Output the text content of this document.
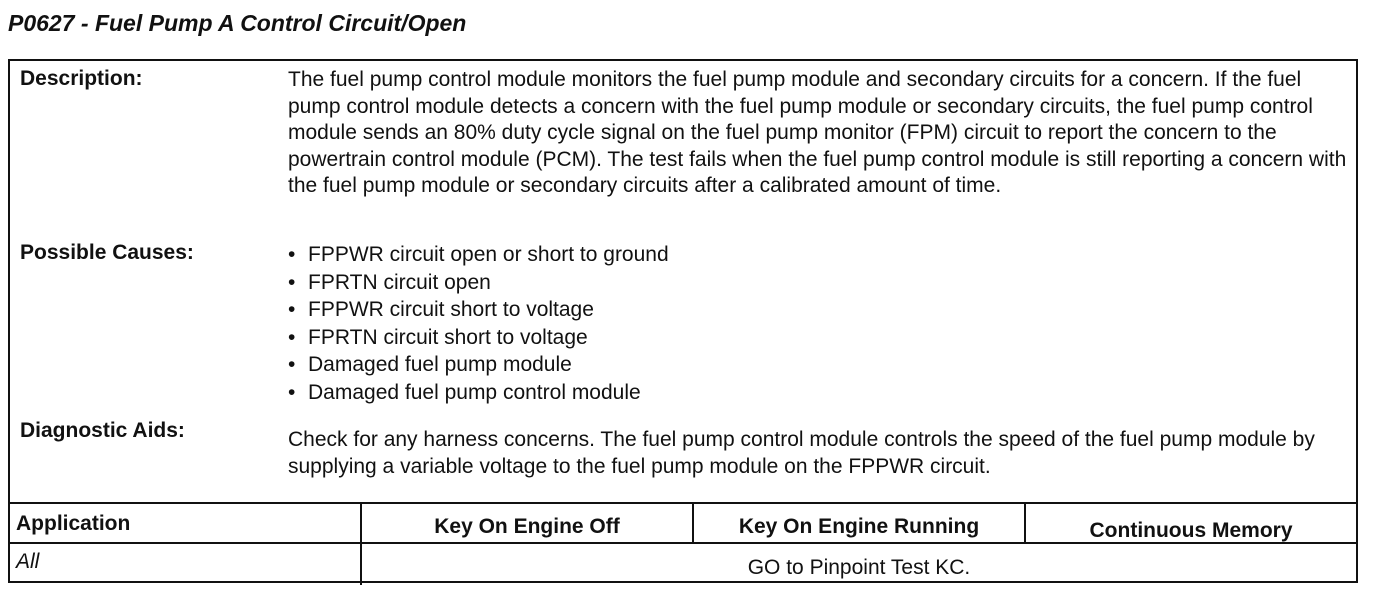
P0627 - Fuel Pump A Control Circuit/Open
Description:	The fuel pump control module monitors the fuel pump module and secondary circuits for a concern. If the fuel pump control module detects a concern with the fuel pump module or secondary circuits, the fuel pump control module sends an 80% duty cycle signal on the fuel pump monitor (FPM) circuit to report the concern to the powertrain control module (PCM). The test fails when the fuel pump control module is still reporting a concern with the fuel pump module or secondary circuits after a calibrated amount of time.

Possible Causes:
•	FPPWR circuit open or short to ground
• FPRTN circuit open
• FPPWR circuit short to voltage
• FPRTN circuit short to voltage
• Damaged fuel pump module
• Damaged fuel pump control module
Diagnostic Aids:	Check for any harness concerns. The fuel pump control module controls the speed of the fuel pump module by supplying a variable voltage to the fuel pump module on the FPPWR circuit.

Application	Key On Engine Off	Key On Engine Running	Continuous Memory
All	GO to Pinpoint Test KC.
